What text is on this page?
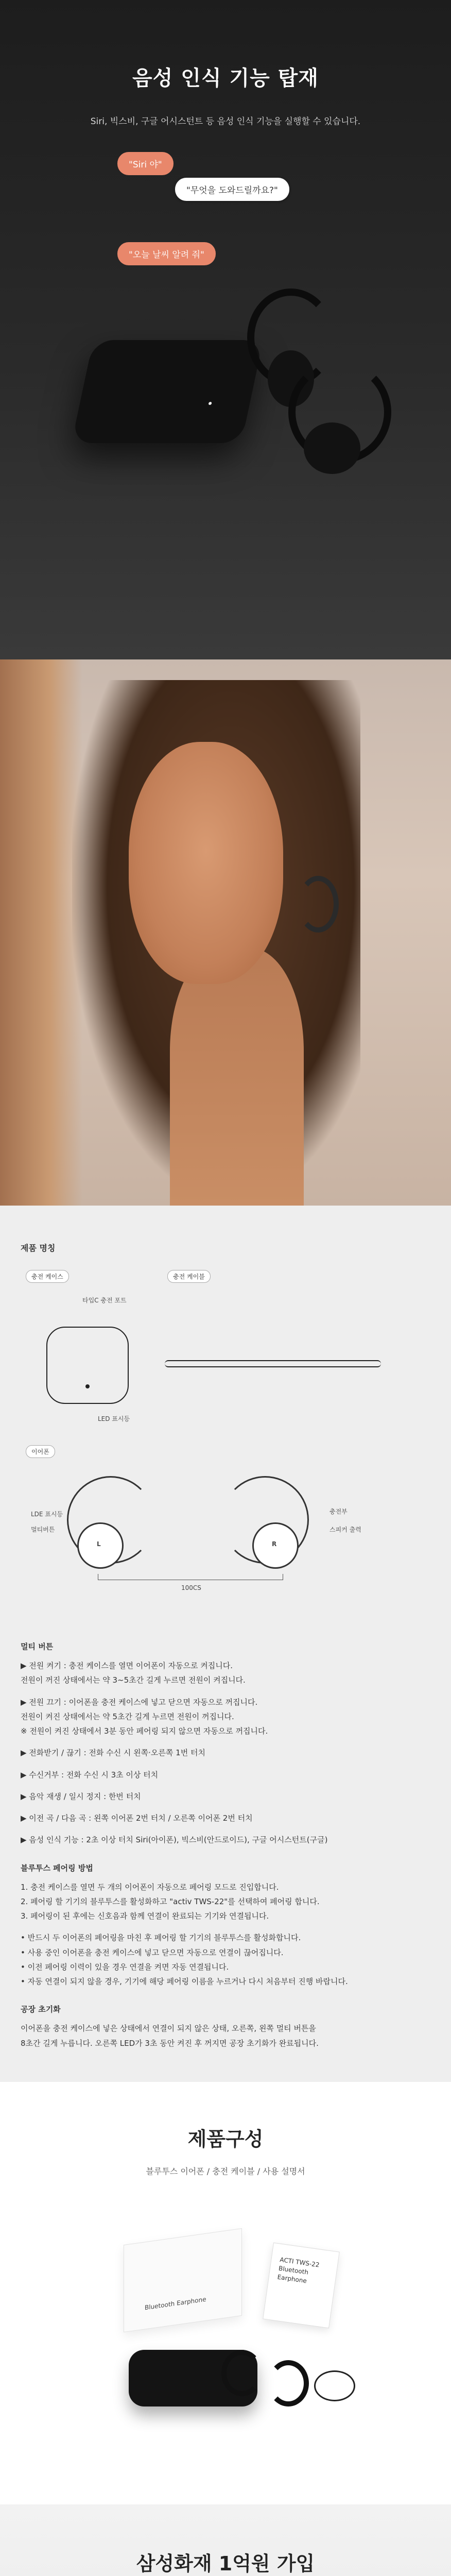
음성 인식 기능 탑재

Siri, 빅스비, 구글 어시스턴트 등 음성 인식 기능을 실행할 수 있습니다.

"Siri 야"
"무엇을 도와드릴까요?"
"오늘 날씨 알려 줘"
제품 명칭
충전 케이스
타입C 충전 포트
LED 표시등
충전 케이블
이어폰
LDE 표시등
멀티버튼
L	R
충전부
스피커 출력
100CS
멀티 버튼
▶ 전원 켜기 : 충전 케이스를 열면 이어폰이 자동으로 켜집니다.
전원이 꺼진 상태에서는 약 3~5초간 길게 누르면 전원이 켜집니다.
▶ 전원 끄기 : 이어폰을 충전 케이스에 넣고 닫으면 자동으로 꺼집니다.
전원이 켜진 상태에서는 약 5초간 길게 누르면 전원이 꺼집니다.
※ 전원이 켜진 상태에서 3분 동안 페어링 되지 않으면 자동으로 꺼집니다.
▶ 전화받기 / 끊기 : 전화 수신 시 왼쪽·오른쪽 1번 터치
▶ 수신거부 : 전화 수신 시 3초 이상 터치
▶ 음악 재생 / 일시 정지 : 한번 터치
▶ 이전 곡 / 다음 곡 : 왼쪽 이어폰 2번 터치 / 오른쪽 이어폰 2번 터치
▶ 음성 인식 기능 : 2초 이상 터치 Siri(아이폰), 빅스비(안드로이드), 구글 어시스턴트(구글)
블루투스 페어링 방법
1. 충전 케이스를 열면 두 개의 이어폰이 자동으로 페어링 모드로 진입합니다.
2. 페어링 할 기기의 블루투스를 활성화하고 "activ TWS-22"를 선택하여 페어링 합니다.
3. 페어링이 된 후에는 신호음과 함께 연결이 완료되는 기기와 연결됩니다.
• 반드시 두 이어폰의 페어링을 마친 후 페어링 할 기기의 블루투스를 활성화합니다.
• 사용 중인 이어폰을 충전 케이스에 넣고 닫으면 자동으로 연결이 끊어집니다.
• 이전 페어링 이력이 있을 경우 연결을 켜면 자동 연결됩니다.
• 자동 연결이 되지 않을 경우, 기기에 해당 페어링 이름을 누르거나 다시 처음부터 진행 바랍니다.
공장 초기화
이어폰을 충전 케이스에 넣은 상태에서 연결이 되지 않은 상태, 오른쪽, 왼쪽 멀티 버튼을
8초간 길게 누릅니다. 오른쪽 LED가 3초 동안 켜진 후 꺼지면 공장 초기화가 완료됩니다.
제품구성

블루투스 이어폰 / 충전 케이블 / 사용 설명서

Bluetooth Earphone
ACTI TWS-22
Bluetooth
Earphone
삼성화재 1억원 가입
